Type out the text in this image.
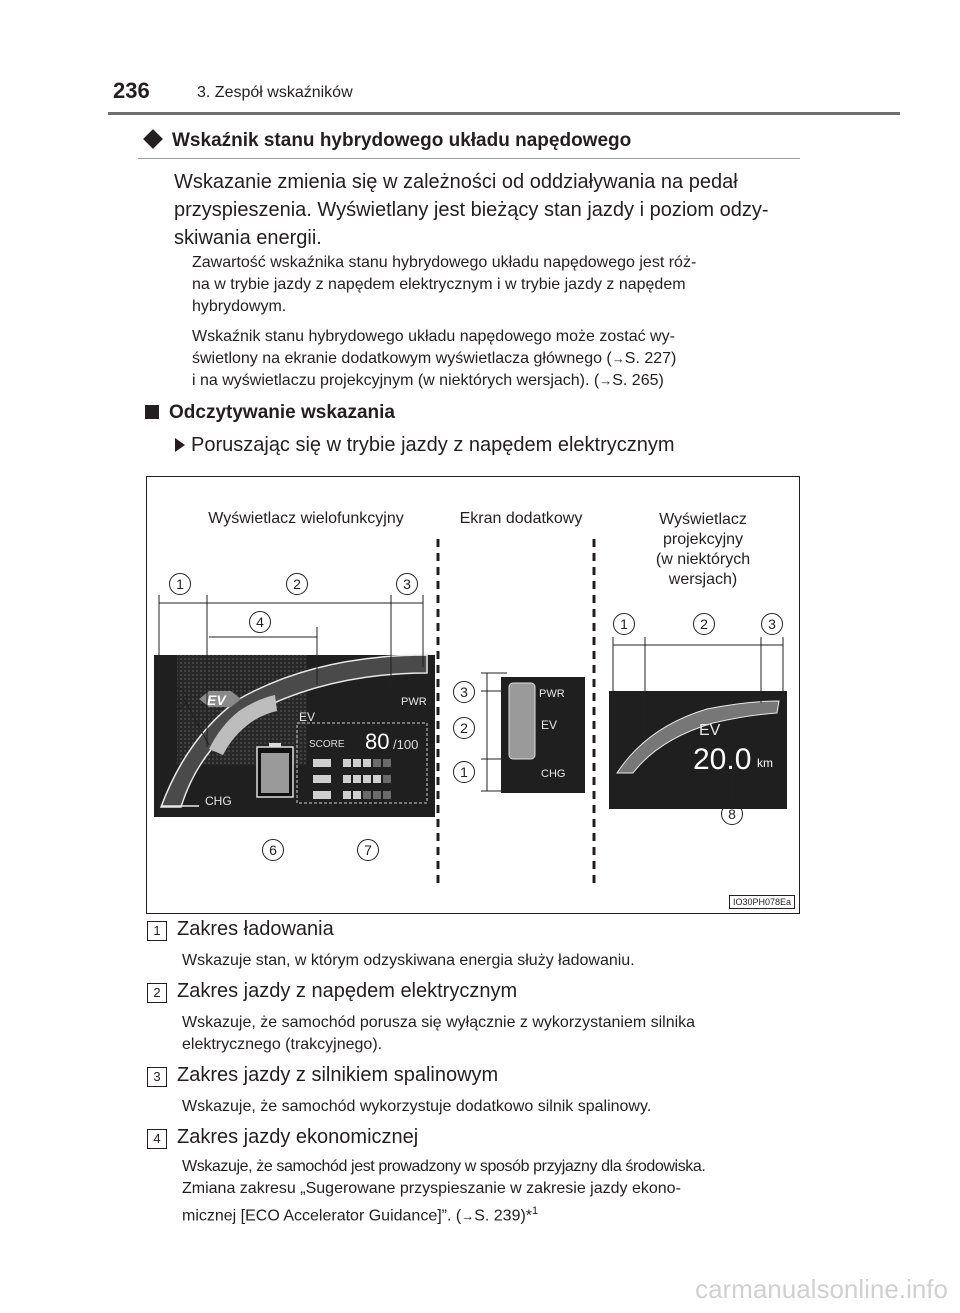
236	3. Zespół wskaźników
Wskaźnik stanu hybrydowego układu napędowego
Wskazanie zmienia się w zależności od oddziaływania na pedał
przyspieszenia. Wyświetlany jest bieżący stan jazdy i poziom odzy-
skiwania energii.
Zawartość wskaźnika stanu hybrydowego układu napędowego jest róż-
na w trybie jazdy z napędem elektrycznym i w trybie jazdy z napędem
hybrydowym.
Wskaźnik stanu hybrydowego układu napędowego może zostać wy-
świetlony na ekranie dodatkowym wyświetlacza głównego (→S. 227)
i na wyświetlaczu projekcyjnym (w niektórych wersjach). (→S. 265)
Odczytywanie wskazania
Poruszając się w trybie jazdy z napędem elektrycznym
Wyświetlacz wielofunkcyjny	Ekran dodatkowy	Wyświetlacz
projekcyjny
(w niektórych
wersjach)
CHG
EV
PWR
EV
SCORE 80 /100
PWR
EV
CHG
EV
20.0 km
1	2	3
4
5
6	7
3
2
1
1	2	3
8
IO30PH078Ea
1 Zakres ładowania
Wskazuje stan, w którym odzyskiwana energia służy ładowaniu.
2 Zakres jazdy z napędem elektrycznym
Wskazuje, że samochód porusza się wyłącznie z wykorzystaniem silnika
elektrycznego (trakcyjnego).
3 Zakres jazdy z silnikiem spalinowym
Wskazuje, że samochód wykorzystuje dodatkowo silnik spalinowy.
4 Zakres jazdy ekonomicznej
Wskazuje, że samochód jest prowadzony w sposób przyjazny dla środowiska.
Zmiana zakresu „Sugerowane przyspieszanie w zakresie jazdy ekono-
micznej [ECO Accelerator Guidance]”. (→S. 239)*$^1$
carmanualsonline.info
